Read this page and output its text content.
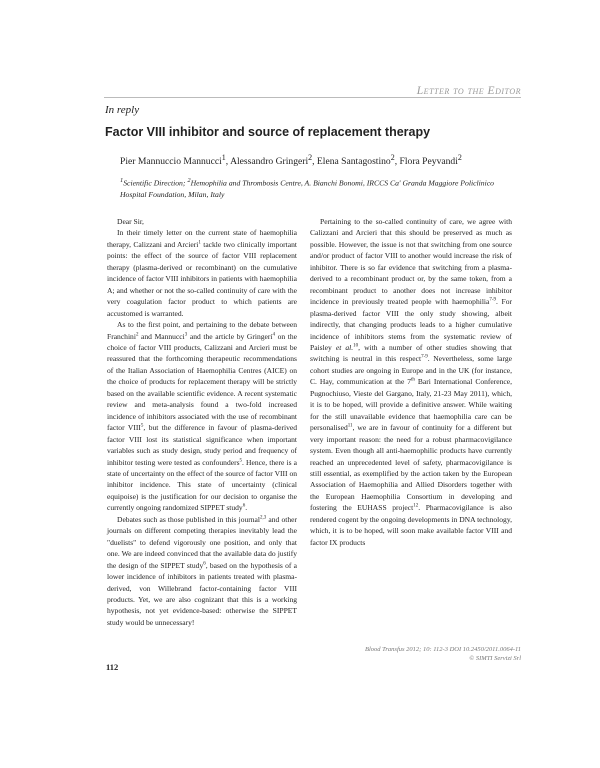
Letter to the Editor
In reply
Factor VIII inhibitor and source of replacement therapy
Pier Mannuccio Mannucci$^1$, Alessandro Gringeri$^2$, Elena Santagostino$^2$, Flora Peyvandi$^2$
$^1$Scientific Direction; $^2$Hemophilia and Thrombosis Centre, A. Bianchi Bonomi, IRCCS Ca' Granda Maggiore Policlinico Hospital Foundation, Milan, Italy

Dear Sir,

In their timely letter on the current state of haemophilia therapy, Calizzani and Arcieri$^1$ tackle two clinically important points: the effect of the source of factor VIII replacement therapy (plasma-derived or recombinant) on the cumulative incidence of factor VIII inhibitors in patients with haemophilia A; and whether or not the so-called continuity of care with the very coagulation factor product to which patients are accustomed is warranted.

As to the first point, and pertaining to the debate between Franchini$^2$ and Mannucci$^3$ and the article by Gringeri$^4$ on the choice of factor VIII products, Calizzani and Arcieri must be reassured that the forthcoming therapeutic recommendations of the Italian Association of Haemophilia Centres (AICE) on the choice of products for replacement therapy will be strictly based on the available scientific evidence. A recent systematic review and meta-analysis found a two-fold increased incidence of inhibitors associated with the use of recombinant factor VIII$^5$, but the difference in favour of plasma-derived factor VIII lost its statistical significance when important variables such as study design, study period and frequency of inhibitor testing were tested as confounders$^5$. Hence, there is a state of uncertainty on the effect of the source of factor VIII on inhibitor incidence. This state of uncertainty (clinical equipoise) is the justification for our decision to organise the currently ongoing randomized SIPPET study$^6$.

Debates such as those published in this journal$^{2,3}$ and other journals on different competing therapies inevitably lead the "duelists" to defend vigorously one position, and only that one. We are indeed convinced that the available data do justify the design of the SIPPET study$^6$, based on the hypothesis of a lower incidence of inhibitors in patients treated with plasma-derived, von Willebrand factor-containing factor VIII products. Yet, we are also cognizant that this is a working hypothesis, not yet evidence-based: otherwise the SIPPET study would be unnecessary!

Pertaining to the so-called continuity of care, we agree with Calizzani and Arcieri that this should be preserved as much as possible. However, the issue is not that switching from one source and/or product of factor VIII to another would increase the risk of inhibitor. There is so far evidence that switching from a plasma-derived to a recombinant product or, by the same token, from a recombinant product to another does not increase inhibitor incidence in previously treated people with haemophilia$^{7-9}$. For plasma-derived factor VIII the only study showing, albeit indirectly, that changing products leads to a higher cumulative incidence of inhibitors stems from the systematic review of Paisley et al.$^{10}$, with a number of other studies showing that switching is neutral in this respect$^{7-9}$. Nevertheless, some large cohort studies are ongoing in Europe and in the UK (for instance, C. Hay, communication at the 7th Bari International Conference, Pugnochiuso, Vieste del Gargano, Italy, 21-23 May 2011), which, it is to be hoped, will provide a definitive answer. While waiting for the still unavailable evidence that haemophilia care can be personalised$^{11}$, we are in favour of continuity for a different but very important reason: the need for a robust pharmacovigilance system. Even though all anti-haemophilic products have currently reached an unprecedented level of safety, pharmacovigilance is still essential, as exemplified by the action taken by the European Association of Haemophilia and Allied Disorders together with the European Haemophilia Consortium in developing and fostering the EUHASS project$^{12}$. Pharmacovigilance is also rendered cogent by the ongoing developments in DNA technology, which, it is to be hoped, will soon make available factor VIII and factor IX products

Blood Transfus 2012; 10: 112-3 DOI 10.2450/2011.0064-11
© SIMTI Servizi Srl
112
